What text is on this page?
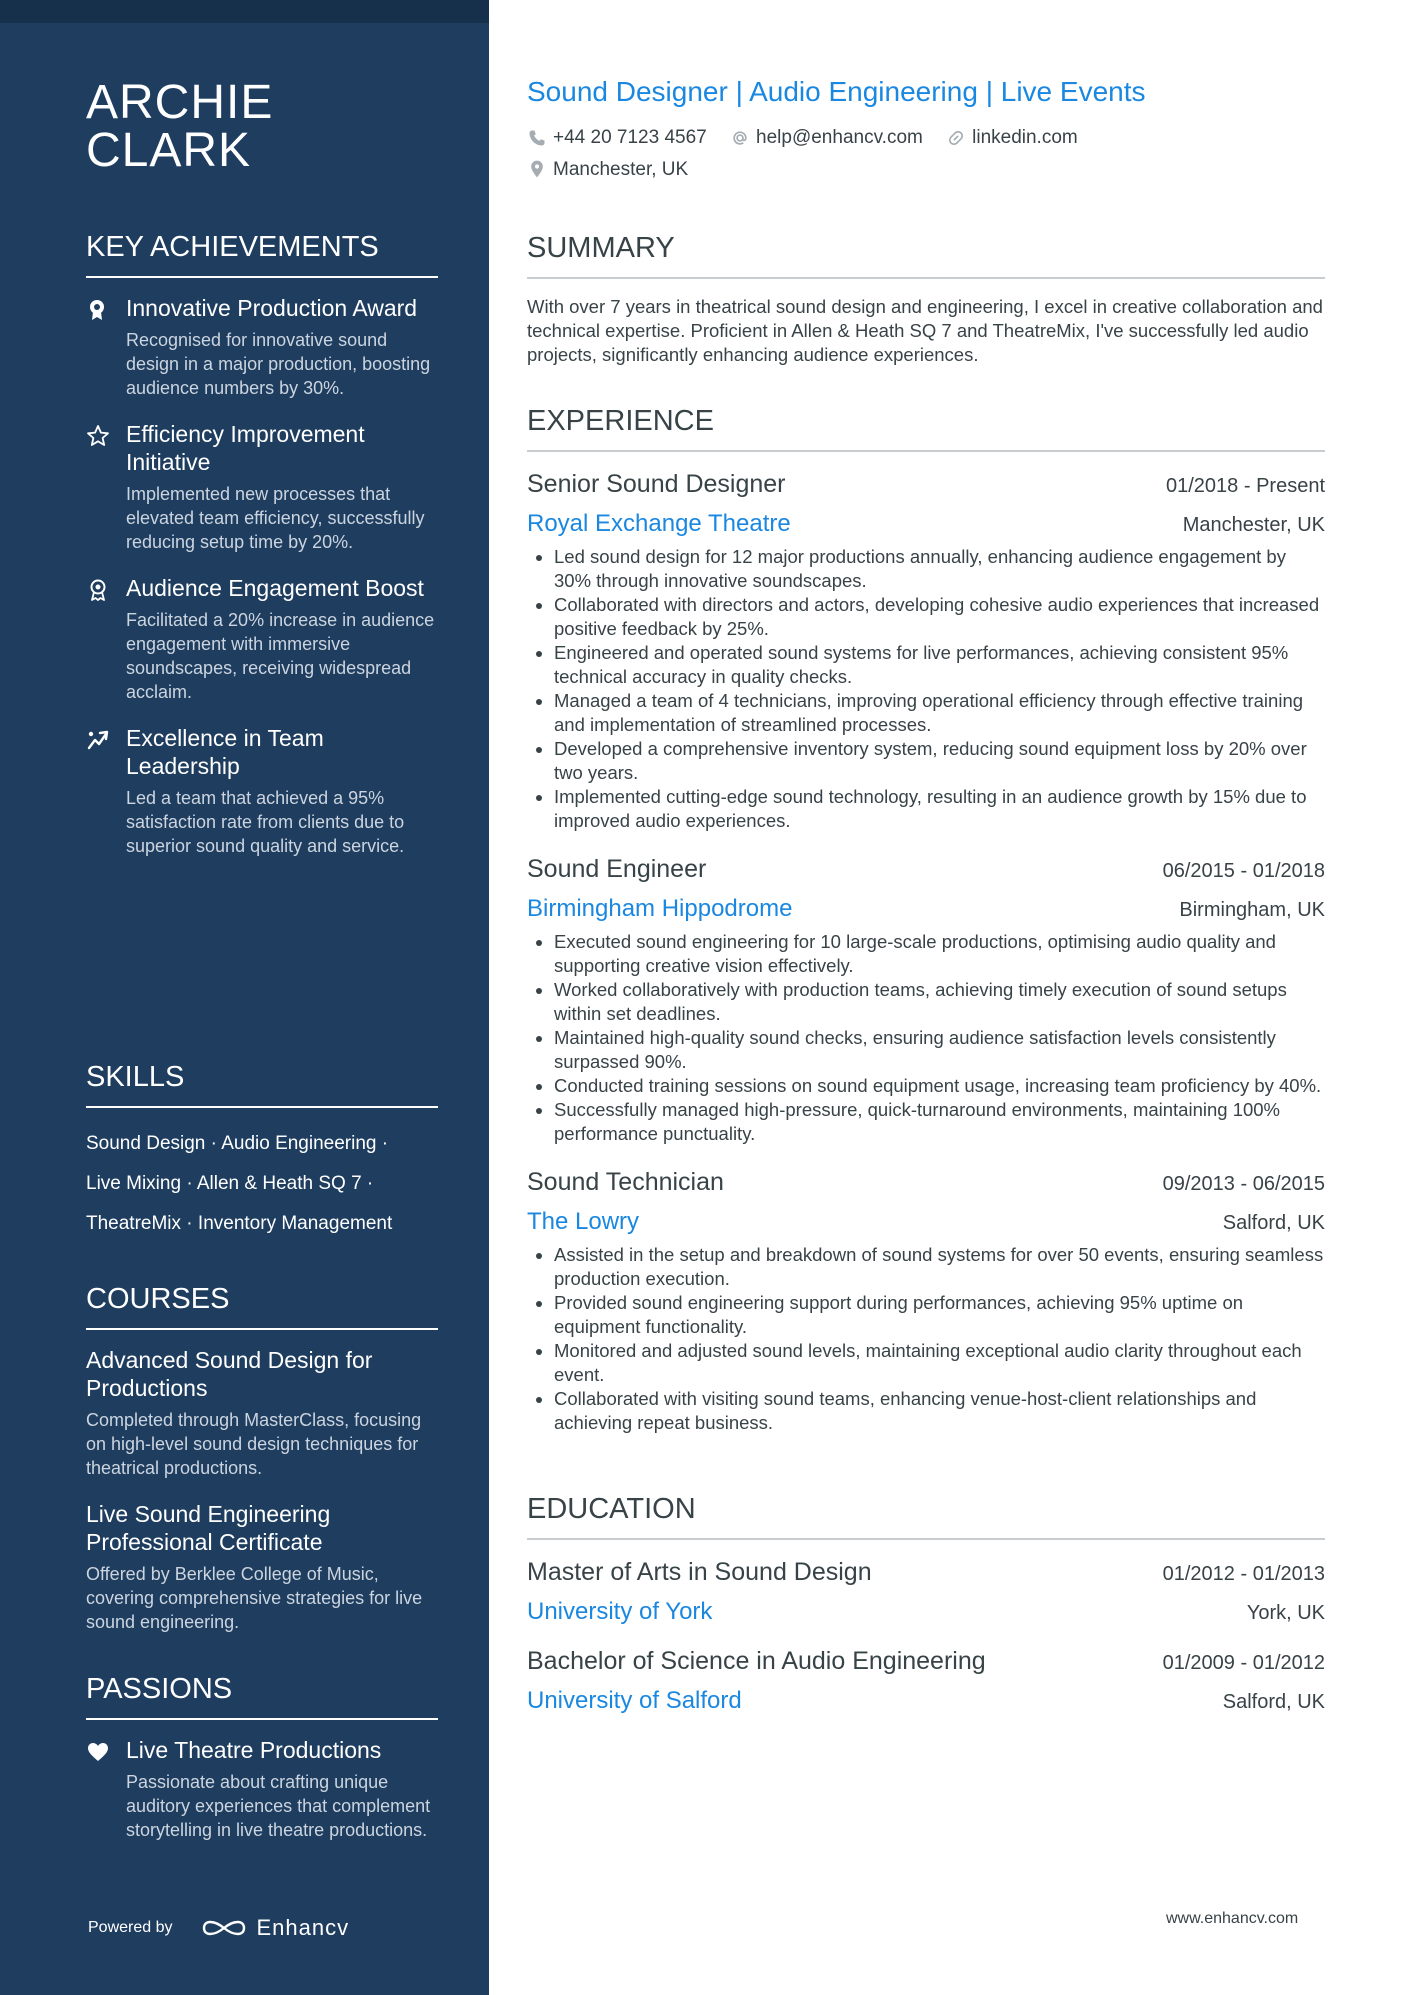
ARCHIE CLARK
KEY ACHIEVEMENTS
Innovative Production Award
Recognised for innovative sound design in a major production, boosting audience numbers by 30%.
Efficiency Improvement Initiative
Implemented new processes that elevated team efficiency, successfully reducing setup time by 20%.
Audience Engagement Boost
Facilitated a 20% increase in audience engagement with immersive soundscapes, receiving widespread acclaim.
Excellence in Team Leadership
Led a team that achieved a 95% satisfaction rate from clients due to superior sound quality and service.
SKILLS
Sound Design · Audio Engineering ·
Live Mixing · Allen & Heath SQ 7 ·
TheatreMix · Inventory Management
COURSES
Advanced Sound Design for Productions
Completed through MasterClass, focusing on high-level sound design techniques for theatrical productions.
Live Sound Engineering Professional Certificate
Offered by Berklee College of Music, covering comprehensive strategies for live sound engineering.
PASSIONS
Live Theatre Productions
Passionate about crafting unique auditory experiences that complement storytelling in live theatre productions.
Powered by	Enhancv
Sound Designer | Audio Engineering | Live Events
+44 20 7123 4567
	help@enhancv.com
	linkedin.com
Manchester, UK
SUMMARY
With over 7 years in theatrical sound design and engineering, I excel in creative collaboration and technical expertise. Proficient in Allen & Heath SQ 7 and TheatreMix, I've successfully led audio projects, significantly enhancing audience experiences.
EXPERIENCE
Senior Sound Designer	01/2018 - Present
Royal Exchange Theatre	Manchester, UK
• Led sound design for 12 major productions annually, enhancing audience engagement by 30% through innovative soundscapes.
• Collaborated with directors and actors, developing cohesive audio experiences that increased positive feedback by 25%.
• Engineered and operated sound systems for live performances, achieving consistent 95% technical accuracy in quality checks.
• Managed a team of 4 technicians, improving operational efficiency through effective training and implementation of streamlined processes.
• Developed a comprehensive inventory system, reducing sound equipment loss by 20% over two years.
• Implemented cutting-edge sound technology, resulting in an audience growth by 15% due to improved audio experiences.
Sound Engineer	06/2015 - 01/2018
Birmingham Hippodrome	Birmingham, UK
• Executed sound engineering for 10 large-scale productions, optimising audio quality and supporting creative vision effectively.
• Worked collaboratively with production teams, achieving timely execution of sound setups within set deadlines.
• Maintained high-quality sound checks, ensuring audience satisfaction levels consistently surpassed 90%.
• Conducted training sessions on sound equipment usage, increasing team proficiency by 40%.
• Successfully managed high-pressure, quick-turnaround environments, maintaining 100% performance punctuality.
Sound Technician	09/2013 - 06/2015
The Lowry	Salford, UK
• Assisted in the setup and breakdown of sound systems for over 50 events, ensuring seamless production execution.
• Provided sound engineering support during performances, achieving 95% uptime on equipment functionality.
• Monitored and adjusted sound levels, maintaining exceptional audio clarity throughout each event.
• Collaborated with visiting sound teams, enhancing venue-host-client relationships and achieving repeat business.
EDUCATION
Master of Arts in Sound Design	01/2012 - 01/2013
University of York	York, UK
Bachelor of Science in Audio Engineering	01/2009 - 01/2012
University of Salford	Salford, UK
www.enhancv.com
